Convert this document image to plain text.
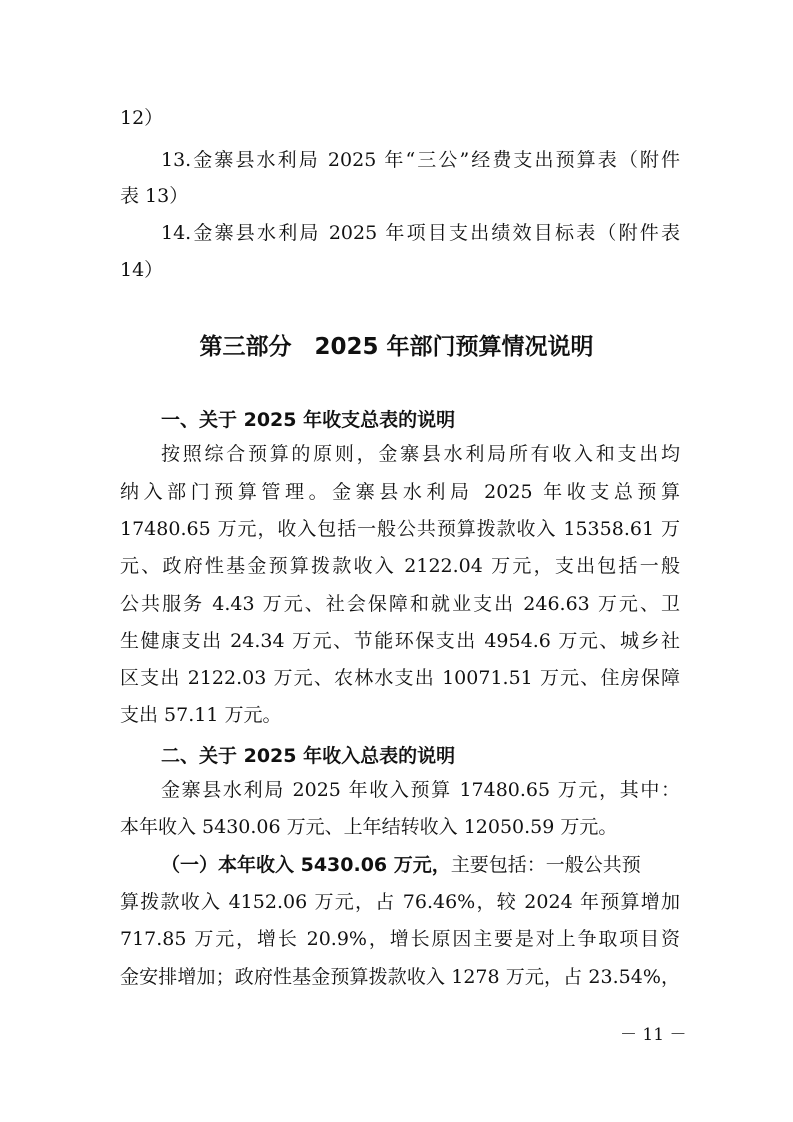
12）
13.金寨县水利局 2025 年“三公”经费支出预算表（附件
表 13）
14.金寨县水利局 2025 年项目支出绩效目标表（附件表
14）
第三部分　2025 年部门预算情况说明
一、关于 2025 年收支总表的说明
按照综合预算的原则，金寨县水利局所有收入和支出均
纳入部门预算管理。金寨县水利局 2025 年收支总预算
17480.65 万元，收入包括一般公共预算拨款收入 15358.61 万
元、政府性基金预算拨款收入 2122.04 万元，支出包括一般
公共服务 4.43 万元、社会保障和就业支出 246.63 万元、卫
生健康支出 24.34 万元、节能环保支出 4954.6 万元、城乡社
区支出 2122.03 万元、农林水支出 10071.51 万元、住房保障
支出 57.11 万元。
二、关于 2025 年收入总表的说明
金寨县水利局 2025 年收入预算 17480.65 万元，其中：
本年收入 5430.06 万元、上年结转收入 12050.59 万元。
（一）本年收入 5430.06 万元，主要包括：一般公共预
算拨款收入 4152.06 万元，占 76.46%，较 2024 年预算增加
717.85 万元，增长 20.9%，增长原因主要是对上争取项目资
金安排增加；政府性基金预算拨款收入 1278 万元，占 23.54%，
－ 11 －
